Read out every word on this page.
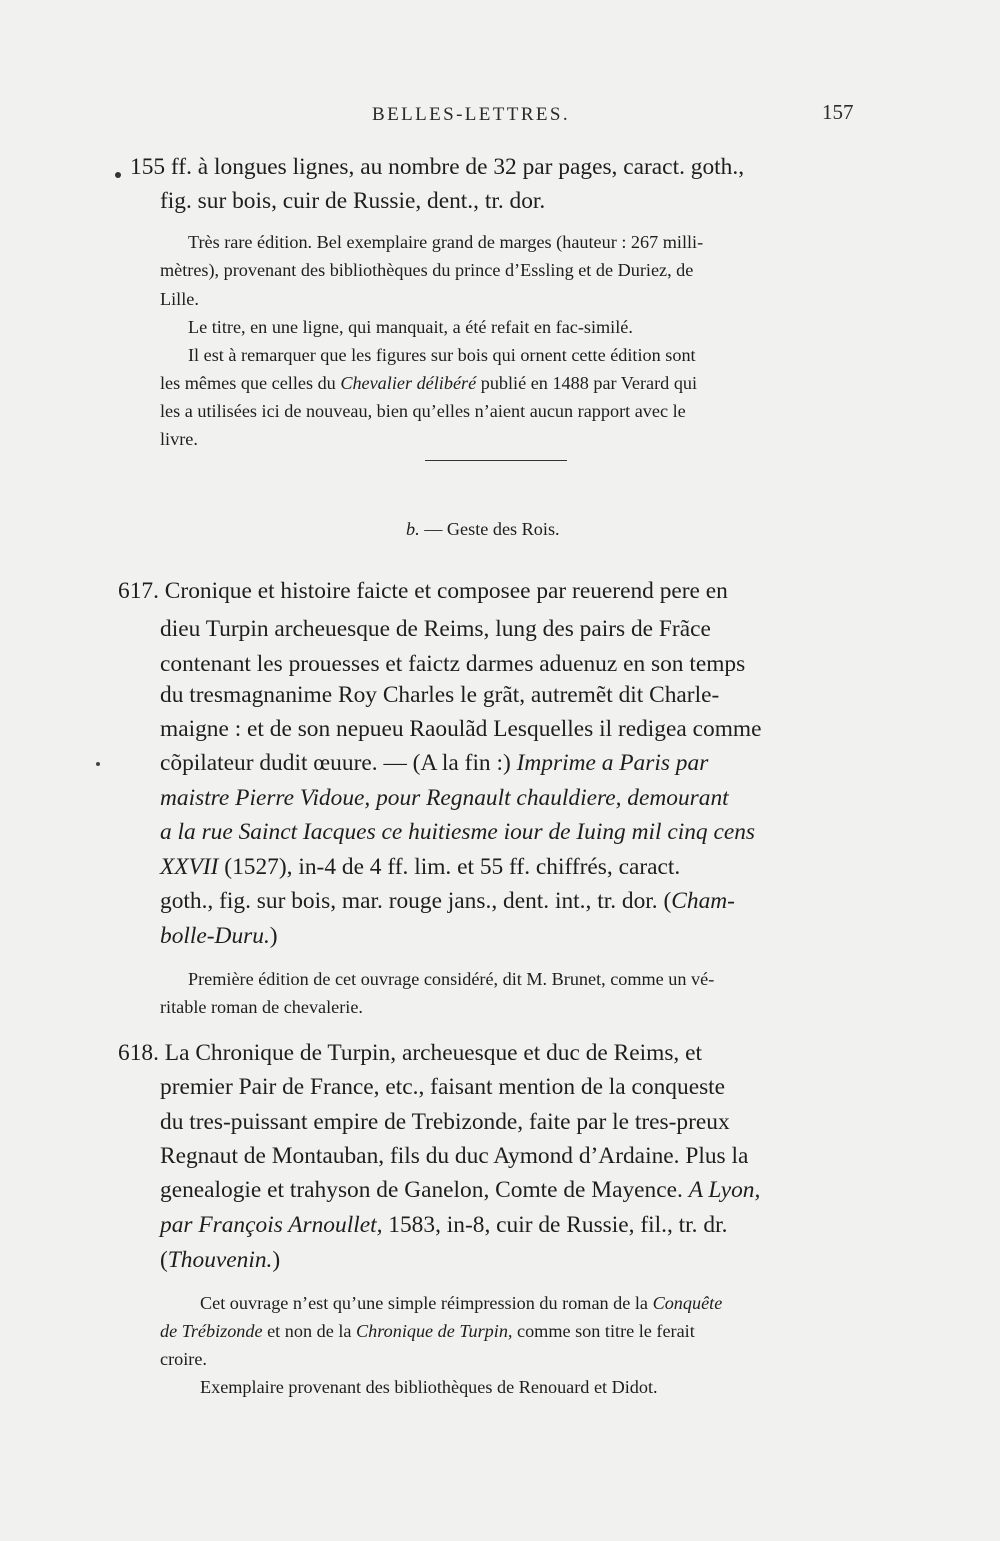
BELLES-LETTRES.	157
155 ff. à longues lignes, au nombre de 32 par pages, caract. goth.,
fig. sur bois, cuir de Russie, dent., tr. dor.
Très rare édition. Bel exemplaire grand de marges (hauteur : 267 milli-
mètres), provenant des bibliothèques du prince d’Essling et de Duriez, de
Lille.
Le titre, en une ligne, qui manquait, a été refait en fac-similé.
Il est à remarquer que les figures sur bois qui ornent cette édition sont
les mêmes que celles du Chevalier délibéré publié en 1488 par Verard qui
les a utilisées ici de nouveau, bien qu’elles n’aient aucun rapport avec le
livre.
b. — Geste des Rois.
617. Cronique et histoire faicte et composee par reuerend pere en
dieu Turpin archeuesque de Reims, lung des pairs de Frãce
contenant les prouesses et faictz darmes aduenuz en son temps
du tresmagnanime Roy Charles le grãt, autremẽt dit Charle-
maigne : et de son nepueu Raoulãd Lesquelles il redigea comme
cõpilateur dudit œuure. — (A la fin :) Imprime a Paris par
maistre Pierre Vidoue, pour Regnault chauldiere, demourant
a la rue Sainct Iacques ce huitiesme iour de Iuing mil cinq cens
XXVII (1527), in-4 de 4 ff. lim. et 55 ff. chiffrés, caract.
goth., fig. sur bois, mar. rouge jans., dent. int., tr. dor. (Cham-
bolle-Duru.)
Première édition de cet ouvrage considéré, dit M. Brunet, comme un vé-
ritable roman de chevalerie.
618. La Chronique de Turpin, archeuesque et duc de Reims, et
premier Pair de France, etc., faisant mention de la conqueste
du tres-puissant empire de Trebizonde, faite par le tres-preux
Regnaut de Montauban, fils du duc Aymond d’Ardaine. Plus la
genealogie et trahyson de Ganelon, Comte de Mayence. A Lyon,
par François Arnoullet, 1583, in-8, cuir de Russie, fil., tr. dr.
(Thouvenin.)
Cet ouvrage n’est qu’une simple réimpression du roman de la Conquête
de Trébizonde et non de la Chronique de Turpin, comme son titre le ferait
croire.
Exemplaire provenant des bibliothèques de Renouard et Didot.
